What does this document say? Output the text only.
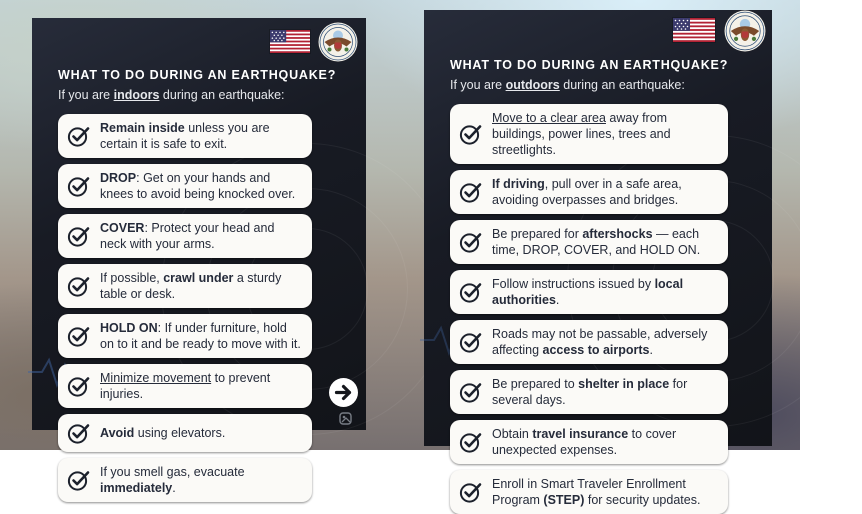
WHAT TO DO DURING AN EARTHQUAKE?

If you are indoors during an earthquake:

Remain inside unless you are certain it is safe to exit.
DROP: Get on your hands and knees to avoid being knocked over.
COVER: Protect your head and neck with your arms.
If possible, crawl under a sturdy table or desk.
HOLD ON: If under furniture, hold on to it and be ready to move with it.
Minimize movement to prevent injuries.
Avoid using elevators.
If you smell gas, evacuate immediately.
WHAT TO DO DURING AN EARTHQUAKE?

If you are outdoors during an earthquake:

Move to a clear area away from buildings, power lines, trees and streetlights.
If driving, pull over in a safe area, avoiding overpasses and bridges.
Be prepared for aftershocks — each time, DROP, COVER, and HOLD ON.
Follow instructions issued by local authorities.
Roads may not be passable, adversely affecting access to airports.
Be prepared to shelter in place for several days.
Obtain travel insurance to cover unexpected expenses.
Enroll in Smart Traveler Enrollment Program (STEP) for security updates.
